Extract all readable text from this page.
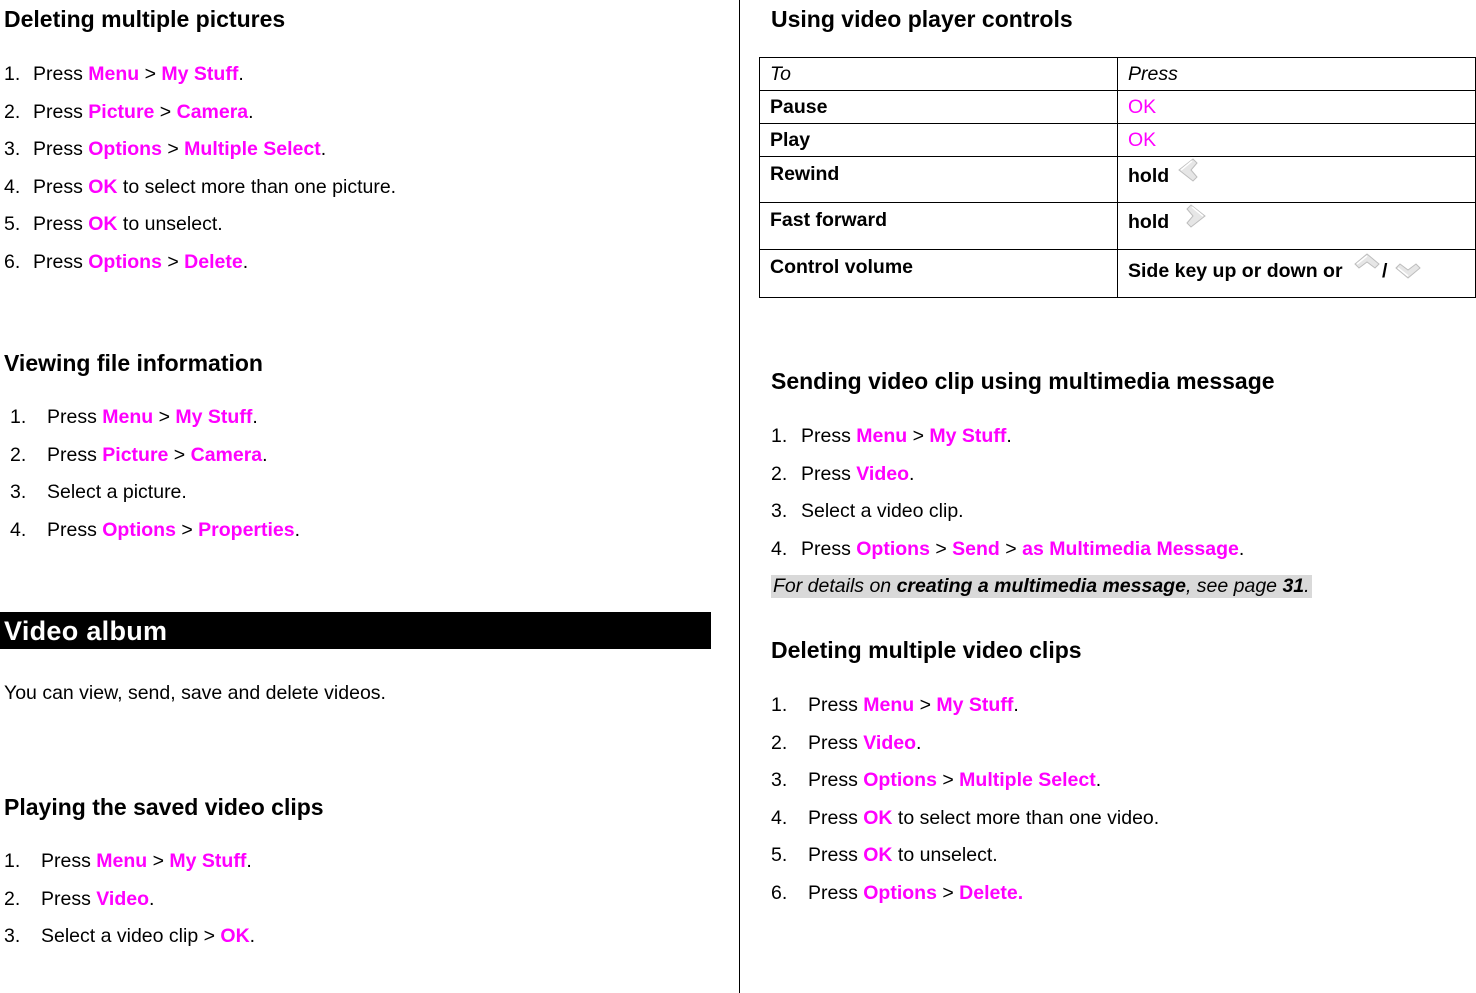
Deleting multiple pictures
1. Press Menu > My Stuff.
2. Press Picture > Camera.
3. Press Options > Multiple Select.
4. Press OK to select more than one picture.
5. Press OK to unselect.
6. Press Options > Delete.
Viewing file information
1. Press Menu > My Stuff.
2. Press Picture > Camera.
3. Select a picture.
4. Press Options > Properties.
Video album
You can view, send, save and delete videos.
Playing the saved video clips
1. Press Menu > My Stuff.
2. Press Video.
3. Select a video clip > OK.
Using video player controls
To	Press
Pause	OK
Play	OK
Rewind	hold
Fast forward	hold
Control volume	Side key up or down or /
Sending video clip using multimedia message
1. Press Menu > My Stuff.
2. Press Video.
3. Select a video clip.
4. Press Options > Send > as Multimedia Message.
For details on creating a multimedia message, see page 31.
Deleting multiple video clips
1. Press Menu > My Stuff.
2. Press Video.
3. Press Options > Multiple Select.
4. Press OK to select more than one video.
5. Press OK to unselect.
6. Press Options > Delete.
